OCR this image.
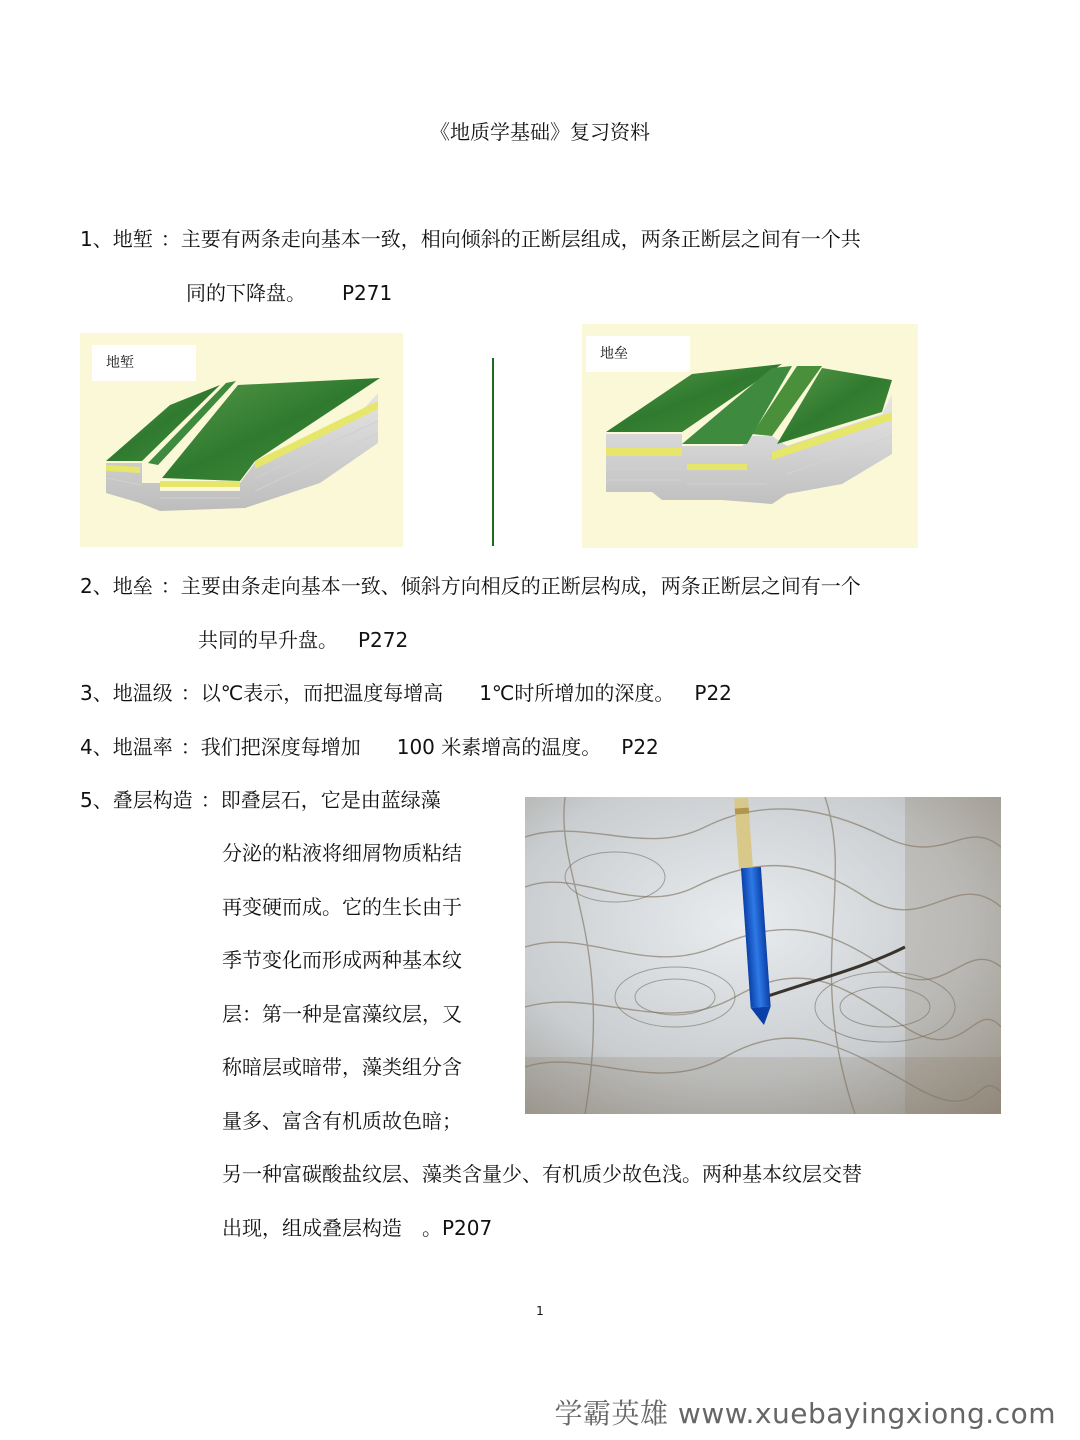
《地质学基础》复习资料
1、地堑 ：主要有两条走向基本一致，相向倾斜的正断层组成，两条正断层之间有一个共
同的下降盘。 P271
地堑
地垒
2、地垒 ：主要由条走向基本一致、倾斜方向相反的正断层构成，两条正断层之间有一个
共同的早升盘。 P272
3、地温级 ：以℃表示，而把温度每增高 1℃时所增加的深度。 P22
4、地温率 ：我们把深度每增加 100 米素增高的温度。 P22
5、叠层构造 ：即叠层石，它是由蓝绿藻
分泌的粘液将细屑物质粘结
再变硬而成。它的生长由于
季节变化而形成两种基本纹
层：第一种是富藻纹层，又
称暗层或暗带，藻类组分含
量多、富含有机质故色暗；
另一种富碳酸盐纹层、藻类含量少、有机质少故色浅。两种基本纹层交替
出现，组成叠层构造 。P207
1
学霸英雄 www.xuebayingxiong.com
